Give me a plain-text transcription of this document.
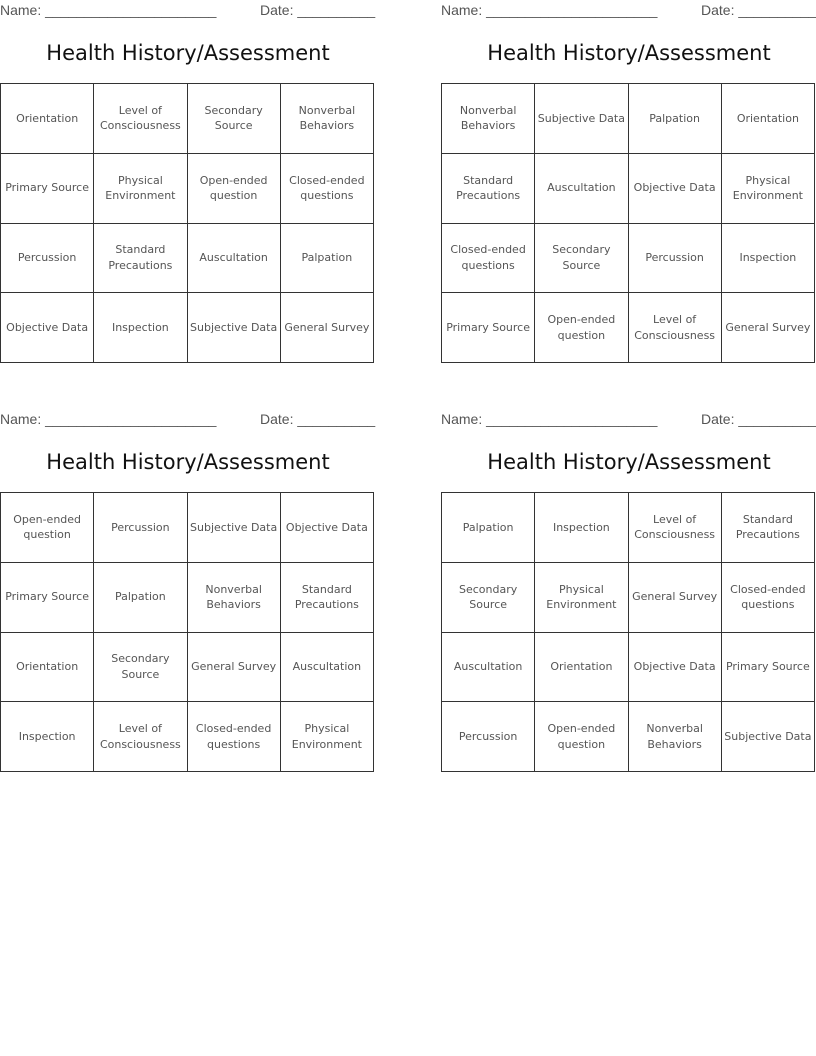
Name: ______________________	Date: __________
Health History/Assessment
Orientation	Level of Consciousness	Secondary Source	Nonverbal Behaviors
Primary Source	Physical Environment	Open-ended question	Closed-ended questions
Percussion	Standard Precautions	Auscultation	Palpation
Objective Data	Inspection	Subjective Data	General Survey
Name: ______________________	Date: __________
Health History/Assessment
Nonverbal Behaviors	Subjective Data	Palpation	Orientation
Standard Precautions	Auscultation	Objective Data	Physical Environment
Closed-ended questions	Secondary Source	Percussion	Inspection
Primary Source	Open-ended question	Level of Consciousness	General Survey
Name: ______________________	Date: __________
Health History/Assessment
Open-ended question	Percussion	Subjective Data	Objective Data
Primary Source	Palpation	Nonverbal Behaviors	Standard Precautions
Orientation	Secondary Source	General Survey	Auscultation
Inspection	Level of Consciousness	Closed-ended questions	Physical Environment
Name: ______________________	Date: __________
Health History/Assessment
Palpation	Inspection	Level of Consciousness	Standard Precautions
Secondary Source	Physical Environment	General Survey	Closed-ended questions
Auscultation	Orientation	Objective Data	Primary Source
Percussion	Open-ended question	Nonverbal Behaviors	Subjective Data
